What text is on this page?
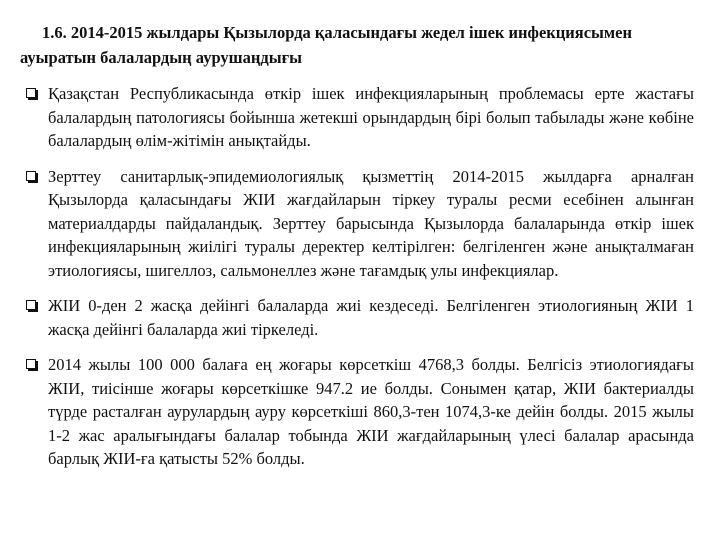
1.6. 2014-2015 жылдары Қызылорда қаласындағы жедел ішек инфекциясымен
ауыратын балалардың аурушаңдығы
Қазақстан Республикасында өткір ішек инфекцияларының проблемасы ерте жастағы балалардың патологиясы бойынша жетекші орындардың бірі болып табылады және көбіне балалардың өлім-жітімін анықтайды.
Зерттеу санитарлық-эпидемиологиялық қызметтің 2014-2015 жылдарға арналған Қызылорда қаласындағы ЖІИ жағдайларын тіркеу туралы ресми есебінен алынған материалдарды пайдаландық. Зерттеу барысында Қызылорда балаларында өткір ішек инфекцияларының жиілігі туралы деректер келтірілген: белгіленген және анықталмаған этиологиясы, шигеллоз, сальмонеллез және тағамдық улы инфекциялар.
ЖІИ 0-ден 2 жасқа дейінгі балаларда жиі кездеседі. Белгіленген этиологияның ЖІИ 1 жасқа дейінгі балаларда жиі тіркеледі.
2014 жылы 100 000 балаға ең жоғары көрсеткіш 4768,3 болды. Белгісіз этиологиядағы ЖІИ, тиісінше жоғары көрсеткішке 947.2 ие болды. Сонымен қатар, ЖІИ бактериалды түрде расталған аурулардың ауру көрсеткіші 860,3-тен 1074,3-ке дейін болды. 2015 жылы 1-2 жас аралығындағы балалар тобында ЖІИ жағдайларының үлесі балалар арасында барлық ЖІИ-ға қатысты 52% болды.
